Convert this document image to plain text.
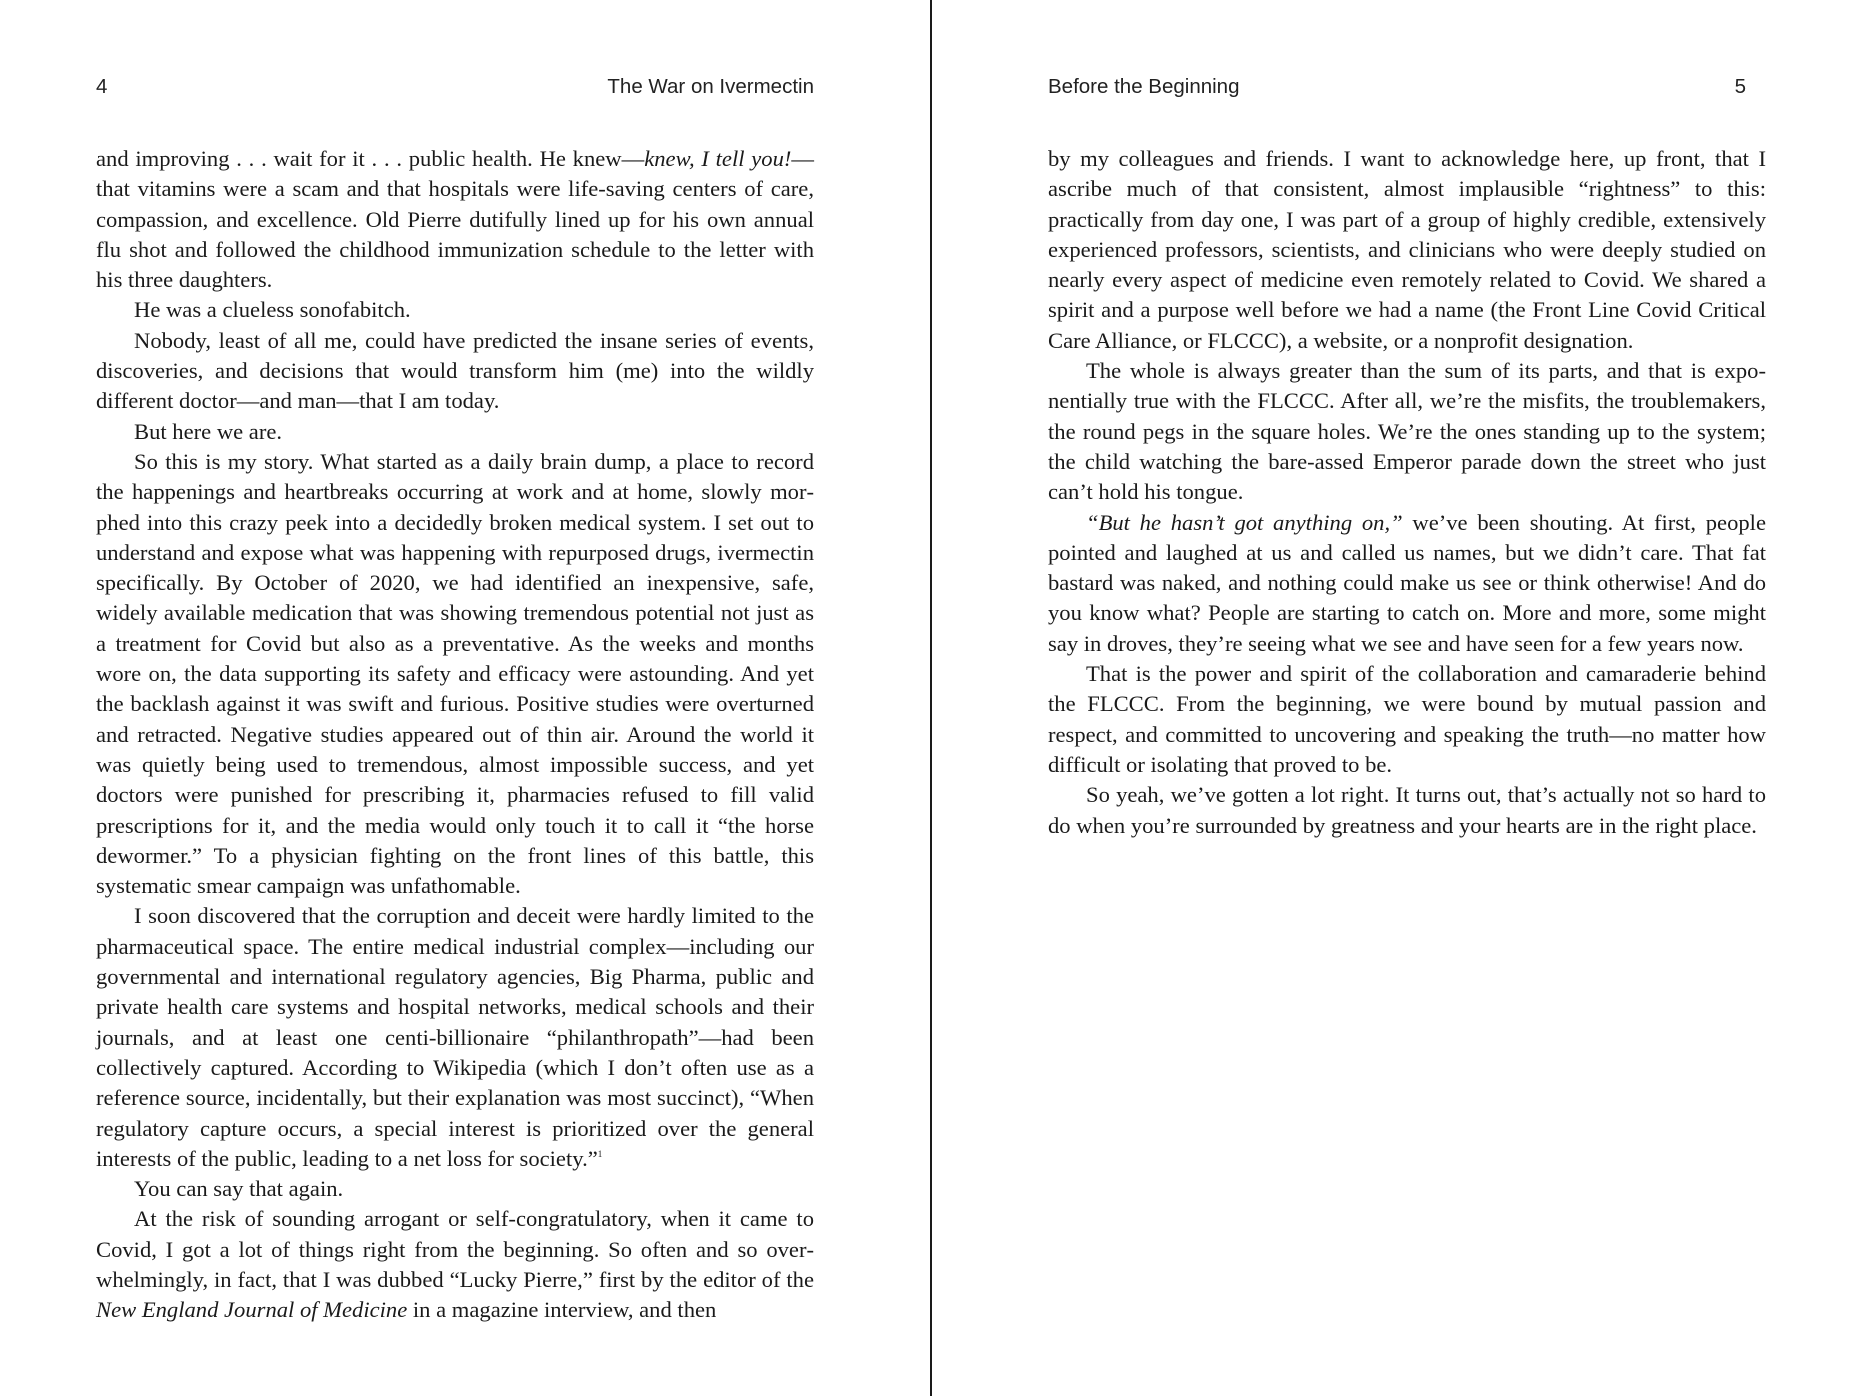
4	The War on Ivermectin

and improving . . . wait for it . . . public health. He knew—knew, I tell you!—that vitamins were a scam and that hospitals were life-saving centers of care, compassion, and excellence. Old Pierre dutifully lined up for his own annual flu shot and followed the childhood immunization schedule to the letter with his three daughters.

He was a clueless sonofabitch.

Nobody, least of all me, could have predicted the insane series of events, discoveries, and decisions that would transform him (me) into the wildly different doctor—and man—that I am today.

But here we are.

So this is my story. What started as a daily brain dump, a place to record the happenings and heartbreaks occurring at work and at home, slowly morphed into this crazy peek into a decidedly broken medical system. I set out to understand and expose what was happening with repurposed drugs, ivermectin specifically. By October of 2020, we had identified an inexpensive, safe, widely available medication that was showing tremendous potential not just as a treatment for Covid but also as a preventative. As the weeks and months wore on, the data supporting its safety and efficacy were astounding. And yet the backlash against it was swift and furious. Positive studies were overturned and retracted. Negative studies appeared out of thin air. Around the world it was quietly being used to tremendous, almost impossible success, and yet doctors were punished for prescribing it, pharmacies refused to fill valid prescriptions for it, and the media would only touch it to call it “the horse dewormer.” To a physician fighting on the front lines of this battle, this systematic smear campaign was unfathomable.

I soon discovered that the corruption and deceit were hardly limited to the pharmaceutical space. The entire medical industrial complex—including our governmental and international regulatory agencies, Big Pharma, public and private health care systems and hospital networks, medical schools and their journals, and at least one centi-billionaire “philanthropath”—had been collectively captured. According to Wikipedia (which I don’t often use as a reference source, incidentally, but their explanation was most succinct), “When regulatory capture occurs, a special interest is prioritized over the general interests of the public, leading to a net loss for society.”$^1$

You can say that again.

At the risk of sounding arrogant or self-congratulatory, when it came to Covid, I got a lot of things right from the beginning. So often and so overwhelmingly, in fact, that I was dubbed “Lucky Pierre,” first by the editor of the New England Journal of Medicine in a magazine interview, and then

Before the Beginning	5

by my colleagues and friends. I want to acknowledge here, up front, that I ascribe much of that consistent, almost implausible “rightness” to this: practically from day one, I was part of a group of highly credible, extensively experienced professors, scientists, and clinicians who were deeply studied on nearly every aspect of medicine even remotely related to Covid. We shared a spirit and a purpose well before we had a name (the Front Line Covid Critical Care Alliance, or FLCCC), a website, or a nonprofit designation.

The whole is always greater than the sum of its parts, and that is exponentially true with the FLCCC. After all, we’re the misfits, the troublemakers, the round pegs in the square holes. We’re the ones standing up to the system; the child watching the bare-assed Emperor parade down the street who just can’t hold his tongue.

“But he hasn’t got anything on,” we’ve been shouting. At first, people pointed and laughed at us and called us names, but we didn’t care. That fat bastard was naked, and nothing could make us see or think otherwise! And do you know what? People are starting to catch on. More and more, some might say in droves, they’re seeing what we see and have seen for a few years now.

That is the power and spirit of the collaboration and camaraderie behind the FLCCC. From the beginning, we were bound by mutual passion and respect, and committed to uncovering and speaking the truth—no matter how difficult or isolating that proved to be.

So yeah, we’ve gotten a lot right. It turns out, that’s actually not so hard to do when you’re surrounded by greatness and your hearts are in the right place.
